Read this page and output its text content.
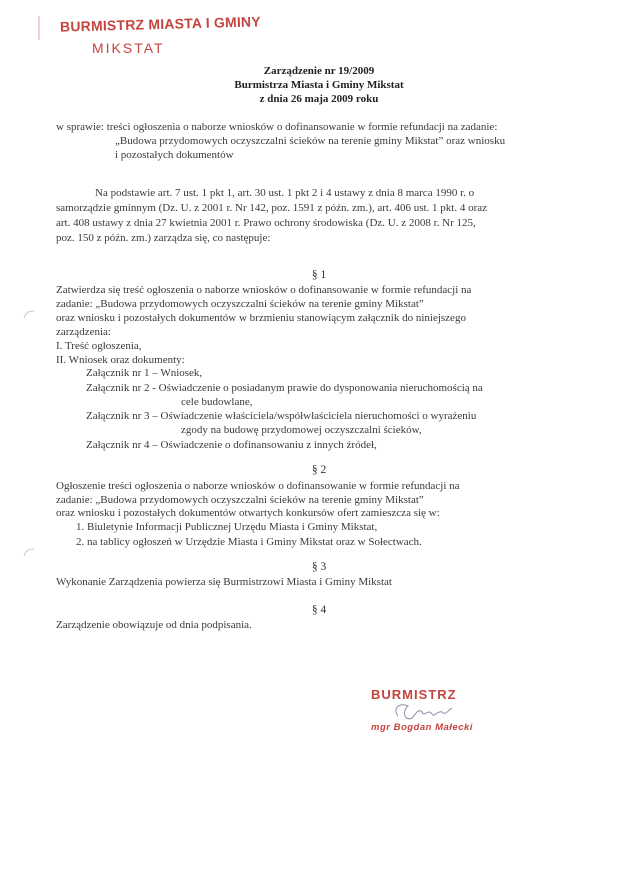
BURMISTRZ MIASTA I GMINY
MIKSTAT
Zarządzenie nr 19/2009
Burmistrza Miasta i Gminy Mikstat
z dnia 26 maja 2009 roku
w sprawie: treści ogłoszenia o naborze wniosków o dofinansowanie w formie refundacji na zadanie:
„Budowa przydomowych oczyszczalni ścieków na terenie gminy Mikstat” oraz wniosku
i pozostałych dokumentów
Na podstawie art. 7 ust. 1 pkt 1, art. 30 ust. 1 pkt 2 i 4 ustawy z dnia 8 marca 1990 r. o
samorządzie gminnym (Dz. U. z 2001 r. Nr 142, poz. 1591 z późn. zm.), art. 406 ust. 1 pkt. 4 oraz
art. 408 ustawy z dnia 27 kwietnia 2001 r. Prawo ochrony środowiska (Dz. U. z 2008 r. Nr 125,
poz. 150 z późn. zm.) zarządza się, co następuje:
§ 1
Zatwierdza się treść ogłoszenia o naborze wniosków o dofinansowanie w formie refundacji na
zadanie: „Budowa przydomowych oczyszczalni ścieków na terenie gminy Mikstat”
oraz wniosku i pozostałych dokumentów w brzmieniu stanowiącym załącznik do niniejszego
zarządzenia:
I. Treść ogłoszenia,
II. Wniosek oraz dokumenty:
Załącznik nr 1 – Wniosek,
Załącznik nr 2 - Oświadczenie o posiadanym prawie do dysponowania nieruchomością na
cele budowlane,
Załącznik nr 3 – Oświadczenie właściciela/współwłaściciela nieruchomości o wyrażeniu
zgody na budowę przydomowej oczyszczalni ścieków,
Załącznik nr 4 – Oświadczenie o dofinansowaniu z innych źródeł,
§ 2
Ogłoszenie treści ogłoszenia o naborze wniosków o dofinansowanie w formie refundacji na
zadanie: „Budowa przydomowych oczyszczalni ścieków na terenie gminy Mikstat”
oraz wniosku i pozostałych dokumentów otwartych konkursów ofert zamieszcza się w:
1. Biuletynie Informacji Publicznej Urzędu Miasta i Gminy Mikstat,
2. na tablicy ogłoszeń w Urzędzie Miasta i Gminy Mikstat oraz w Sołectwach.
§ 3
Wykonanie Zarządzenia powierza się Burmistrzowi Miasta i Gminy Mikstat
§ 4
Zarządzenie obowiązuje od dnia podpisania.
BURMISTRZ
mgr Bogdan Małecki
